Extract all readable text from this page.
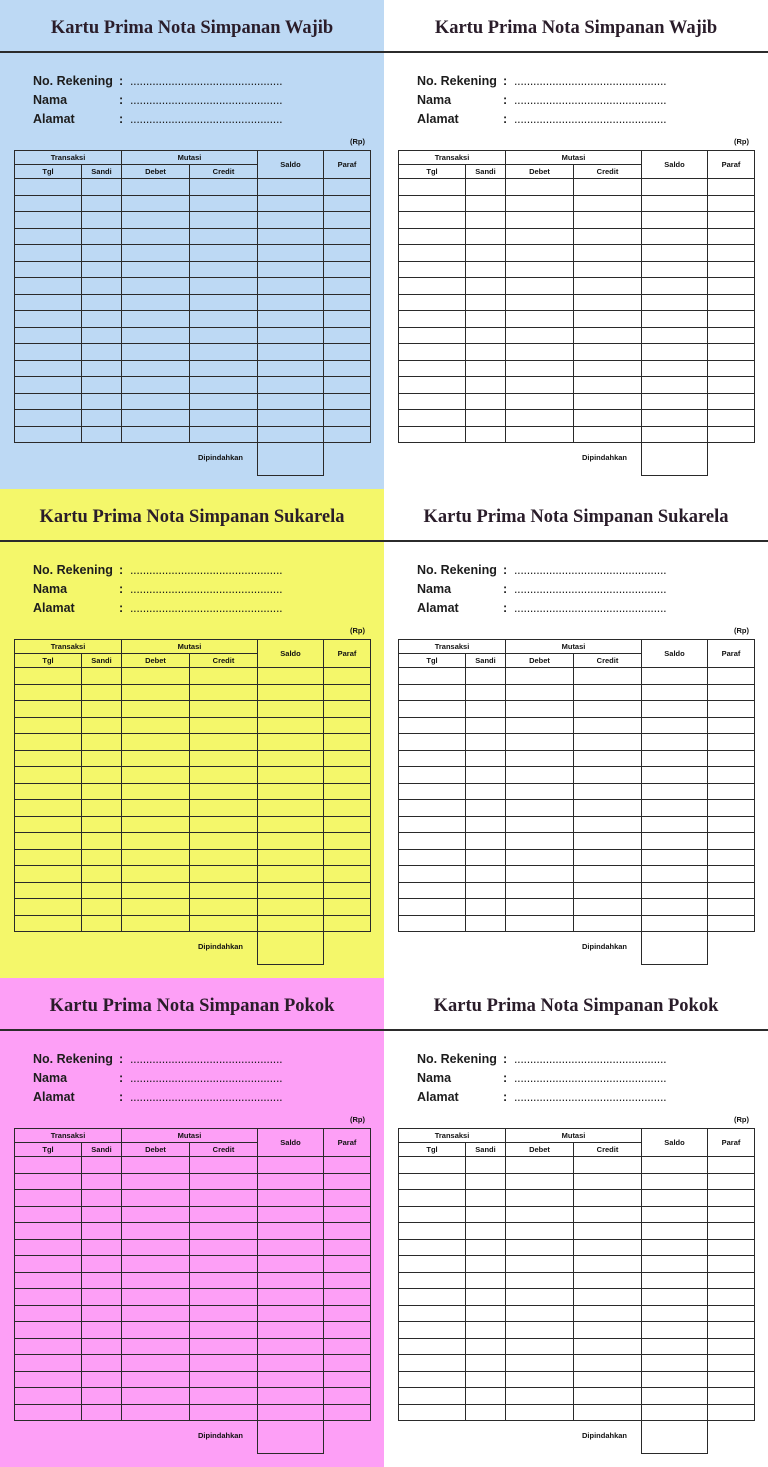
Kartu Prima Nota Simpanan Wajib
No. Rekening : ................................................
Nama	: ................................................
Alamat	: ................................................
(Rp)
Transaksi		Mutasi		Saldo	Paraf
Tgl	Sandi	Debet	Credit		

Dipindahkan
Kartu Prima Nota Simpanan Wajib
No. Rekening : ................................................
Nama	: ................................................
Alamat	: ................................................
(Rp)
Transaksi		Mutasi		Saldo	Paraf
Tgl	Sandi	Debet	Credit		

Dipindahkan
Kartu Prima Nota Simpanan Sukarela
No. Rekening : ................................................
Nama	: ................................................
Alamat	: ................................................
(Rp)
Transaksi		Mutasi		Saldo	Paraf
Tgl	Sandi	Debet	Credit		

Dipindahkan
Kartu Prima Nota Simpanan Sukarela
No. Rekening : ................................................
Nama	: ................................................
Alamat	: ................................................
(Rp)
Transaksi		Mutasi		Saldo	Paraf
Tgl	Sandi	Debet	Credit		

Dipindahkan
Kartu Prima Nota Simpanan Pokok
No. Rekening : ................................................
Nama	: ................................................
Alamat	: ................................................
(Rp)
Transaksi		Mutasi		Saldo	Paraf
Tgl	Sandi	Debet	Credit		

Dipindahkan
Kartu Prima Nota Simpanan Pokok
No. Rekening : ................................................
Nama	: ................................................
Alamat	: ................................................
(Rp)
Transaksi		Mutasi		Saldo	Paraf
Tgl	Sandi	Debet	Credit		

Dipindahkan
